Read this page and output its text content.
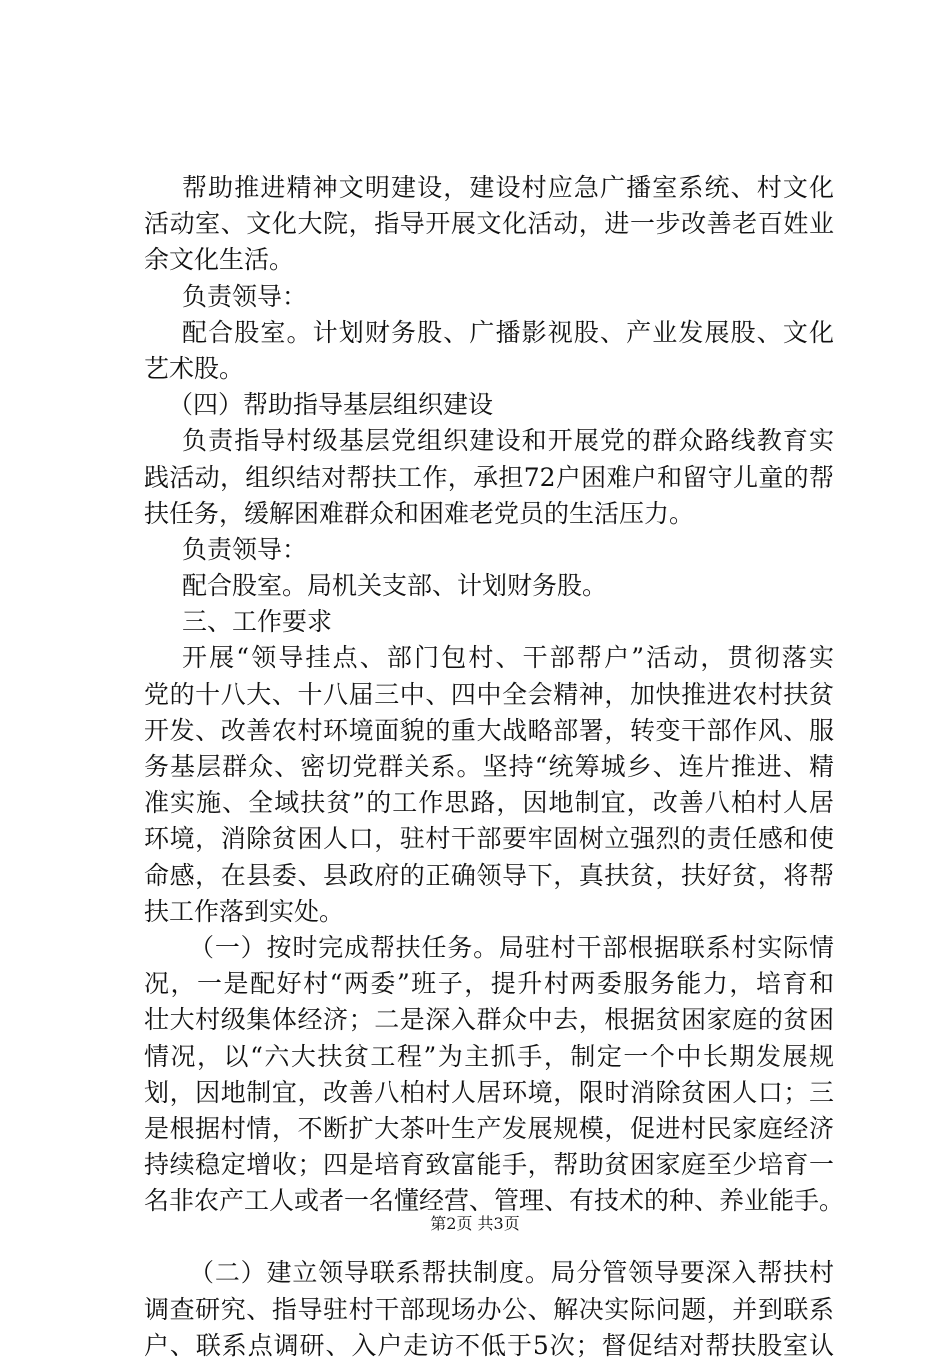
帮助推进精神文明建设，建设村应急广播室系统、村文化
活动室、文化大院，指导开展文化活动，进一步改善老百姓业
余文化生活。
负责领导：
配合股室。计划财务股、广播影视股、产业发展股、文化
艺术股。
（四）帮助指导基层组织建设
负责指导村级基层党组织建设和开展党的群众路线教育实
践活动，组织结对帮扶工作，承担72户困难户和留守儿童的帮
扶任务，缓解困难群众和困难老党员的生活压力。
负责领导：
配合股室。局机关支部、计划财务股。
三、工作要求
开展“领导挂点、部门包村、干部帮户”活动，贯彻落实
党的十八大、十八届三中、四中全会精神，加快推进农村扶贫
开发、改善农村环境面貌的重大战略部署，转变干部作风、服
务基层群众、密切党群关系。坚持“统筹城乡、连片推进、精
准实施、全域扶贫”的工作思路，因地制宜，改善八柏村人居
环境，消除贫困人口，驻村干部要牢固树立强烈的责任感和使
命感，在县委、县政府的正确领导下，真扶贫，扶好贫，将帮
扶工作落到实处。
（一）按时完成帮扶任务。局驻村干部根据联系村实际情
况，一是配好村“两委”班子，提升村两委服务能力，培育和
壮大村级集体经济；二是深入群众中去，根据贫困家庭的贫困
情况，以“六大扶贫工程”为主抓手，制定一个中长期发展规
划，因地制宜，改善八柏村人居环境，限时消除贫困人口；三
是根据村情，不断扩大茶叶生产发展规模，促进村民家庭经济
持续稳定增收；四是培育致富能手，帮助贫困家庭至少培育一
名非农产工人或者一名懂经营、管理、有技术的种、养业能手。
（二）建立领导联系帮扶制度。局分管领导要深入帮扶村
调查研究、指导驻村干部现场办公、解决实际问题，并到联系
户、联系点调研、入户走访不低于5次；督促结对帮扶股室认
第2页 共3页
